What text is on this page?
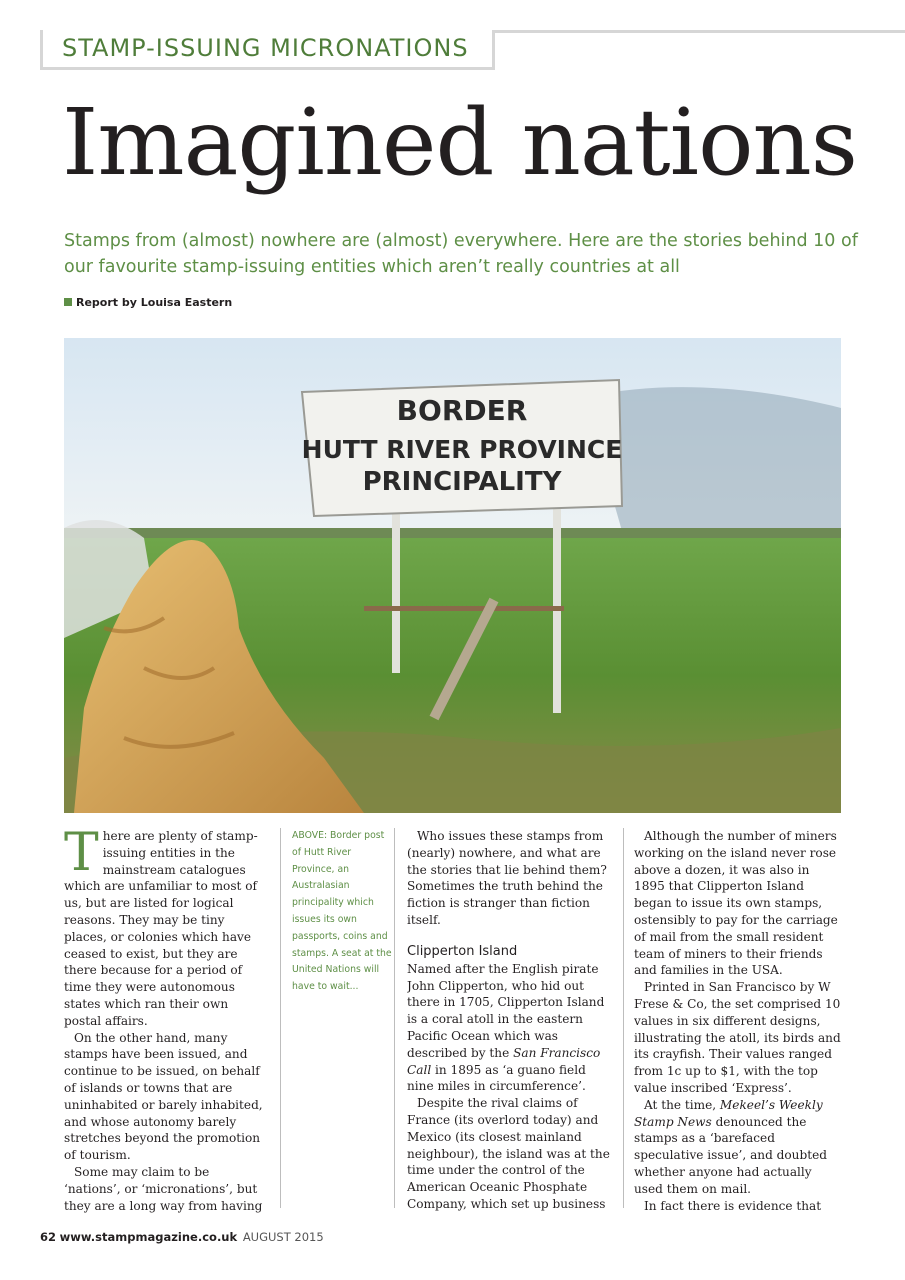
STAMP-ISSUING MICRONATIONS
Imagined nations
Stamps from (almost) nowhere are (almost) everywhere. Here are the stories behind 10 of our favourite stamp-issuing entities which aren’t really countries at all
Report by Louisa Eastern
BORDER
HUTT RIVER PROVINCE
PRINCIPALITY

There are plenty of stamp-issuing entities in the mainstream catalogues which are unfamiliar to most of us, but are listed for logical reasons. They may be tiny places, or colonies which have ceased to exist, but they are there because for a period of time they were autonomous states which ran their own postal affairs.

On the other hand, many stamps have been issued, and continue to be issued, on behalf of islands or towns that are uninhabited or barely inhabited, and whose autonomy barely stretches beyond the promotion of tourism.

Some may claim to be ‘nations’, or ‘micronations’, but they are a long way from having

ABOVE: Border post of Hutt River Province, an Australasian principality which issues its own passports, coins and stamps. A seat at the United Nations will have to wait...

Who issues these stamps from (nearly) nowhere, and what are the stories that lie behind them? Sometimes the truth behind the fiction is stranger than fiction itself.

Clipperton Island

Named after the English pirate John Clipperton, who hid out there in 1705, Clipperton Island is a coral atoll in the eastern Pacific Ocean which was described by the San Francisco Call in 1895 as ‘a guano field nine miles in circumference’.

Despite the rival claims of France (its overlord today) and Mexico (its closest mainland neighbour), the island was at the time under the control of the American Oceanic Phosphate Company, which set up business

Although the number of miners working on the island never rose above a dozen, it was also in 1895 that Clipperton Island began to issue its own stamps, ostensibly to pay for the carriage of mail from the small resident team of miners to their friends and families in the USA.

Printed in San Francisco by W Frese & Co, the set comprised 10 values in six different designs, illustrating the atoll, its birds and its crayfish. Their values ranged from 1c up to $1, with the top value inscribed ‘Express’.

At the time, Mekeel’s Weekly Stamp News denounced the stamps as a ‘barefaced speculative issue’, and doubted whether anyone had actually used them on mail.

In fact there is evidence that

62 www.stampmagazine.co.uk AUGUST 2015
